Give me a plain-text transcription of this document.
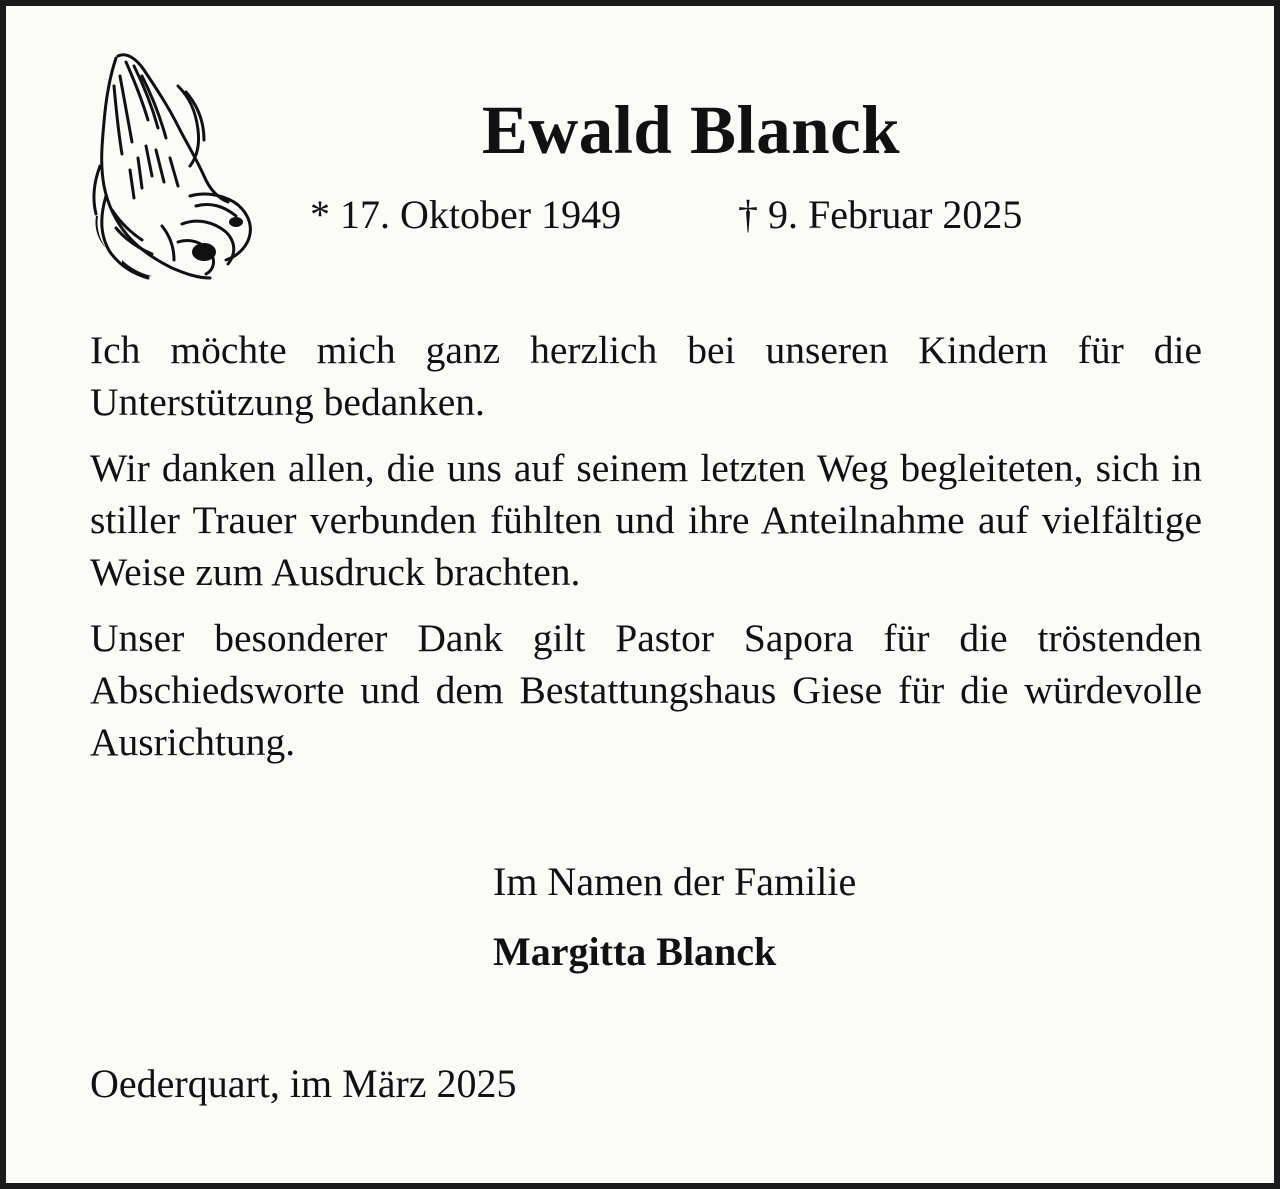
Ewald Blanck
* 17. Oktober 1949	† 9. Februar 2025

Ich möchte mich ganz herzlich bei unseren Kindern für die Unterstützung bedanken.

Wir danken allen, die uns auf seinem letzten Weg begleiteten, sich in stiller Trauer verbunden fühlten und ihre Anteilnahme auf vielfältige Weise zum Ausdruck brachten.

Unser besonderer Dank gilt Pastor Sapora für die tröstenden Abschiedsworte und dem Bestattungshaus Giese für die würdevolle Ausrichtung.

Im Namen der Familie

Margitta Blanck

Oederquart, im März 2025
